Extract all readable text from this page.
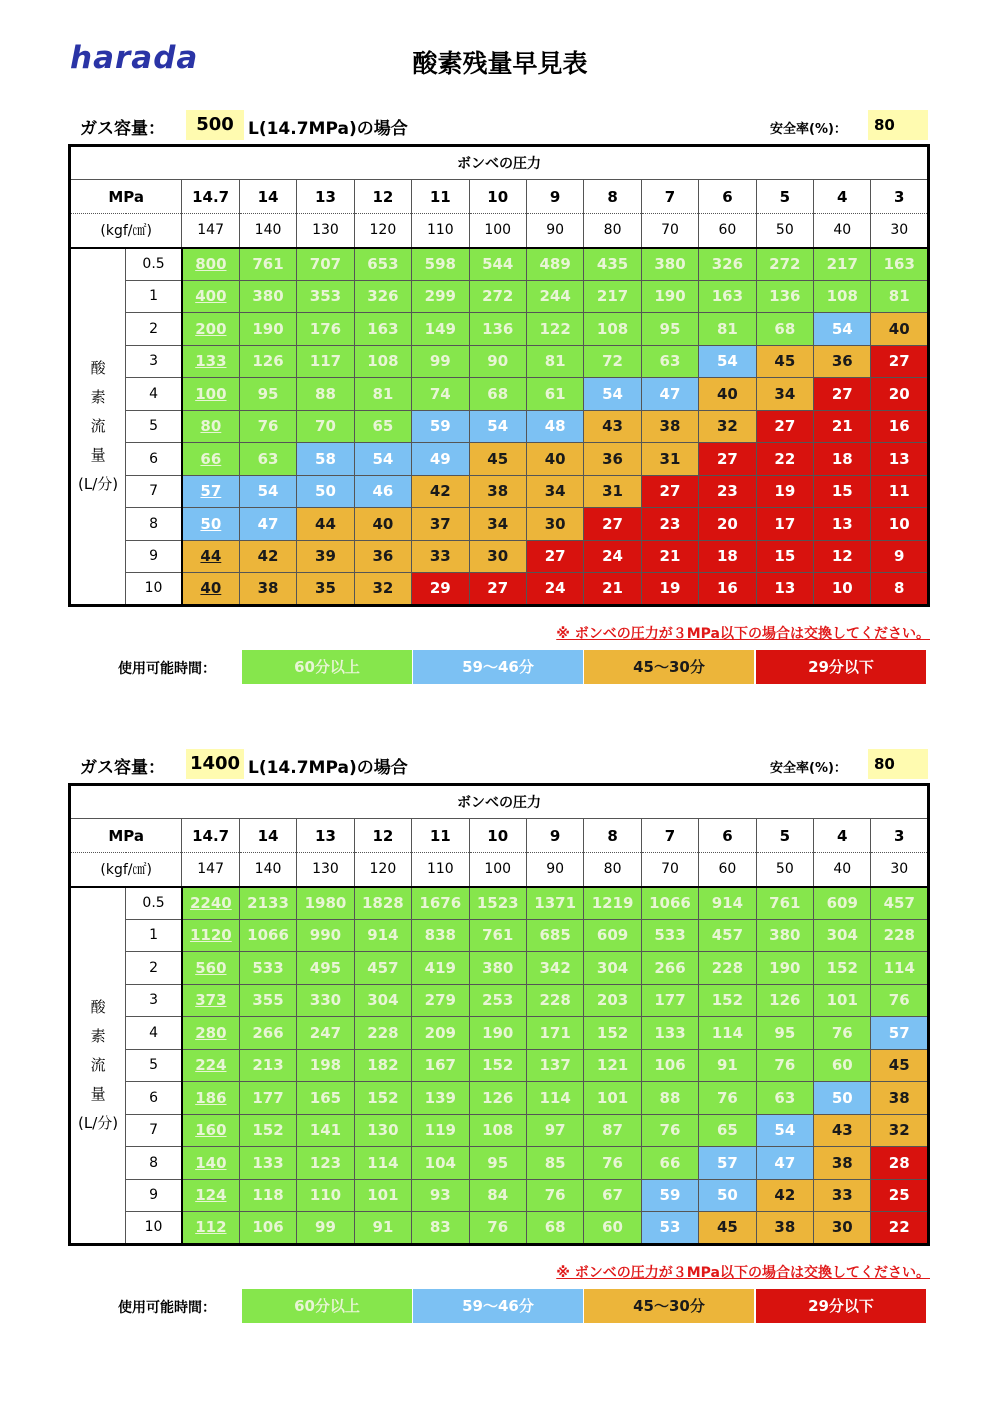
harada	酸素残量早見表
ガス容量：	500 L(14.7MPa)の場合	安全率(%)：	80
ボンベの圧力														
MPa		14.7	14	13	12	11	10	9	8	7	6	5	4	3
(kgf/㎠)		147	140	130	120	110	100	90	80	70	60	50	40	30

酸
素
流
量
(L/分)	0.5	800	761	707	653	598	544	489	435	380	326	272	217	163
	1	400	380	353	326	299	272	244	217	190	163	136	108	81
	2	200	190	176	163	149	136	122	108	95	81	68	54	40
	3	133	126	117	108	99	90	81	72	63	54	45	36	27
	4	100	95	88	81	74	68	61	54	47	40	34	27	20
	5	80	76	70	65	59	54	48	43	38	32	27	21	16
	6	66	63	58	54	49	45	40	36	31	27	22	18	13
	7	57	54	50	46	42	38	34	31	27	23	19	15	11
	8	50	47	44	40	37	34	30	27	23	20	17	13	10
	9	44	42	39	36	33	30	27	24	21	18	15	12	9
	10	40	38	35	32	29	27	24	21	19	16	13	10	8
※ ボンベの圧力が３MPa以下の場合は交換してください。
使用可能時間：	60分以上	59〜46分	45〜30分	29分以下
ガス容量： 1400 L(14.7MPa)の場合	安全率(%)：	80
ボンベの圧力														
MPa		14.7	14	13	12	11	10	9	8	7	6	5	4	3
(kgf/㎠)		147	140	130	120	110	100	90	80	70	60	50	40	30

酸
素
流
量
(L/分)	0.5	2240	2133	1980	1828	1676	1523	1371	1219	1066	914	761	609	457
	1	1120	1066	990	914	838	761	685	609	533	457	380	304	228
	2	560	533	495	457	419	380	342	304	266	228	190	152	114
	3	373	355	330	304	279	253	228	203	177	152	126	101	76
	4	280	266	247	228	209	190	171	152	133	114	95	76	57
	5	224	213	198	182	167	152	137	121	106	91	76	60	45
	6	186	177	165	152	139	126	114	101	88	76	63	50	38
	7	160	152	141	130	119	108	97	87	76	65	54	43	32
	8	140	133	123	114	104	95	85	76	66	57	47	38	28
	9	124	118	110	101	93	84	76	67	59	50	42	33	25
	10	112	106	99	91	83	76	68	60	53	45	38	30	22
※ ボンベの圧力が３MPa以下の場合は交換してください。
使用可能時間：	60分以上	59〜46分	45〜30分	29分以下
